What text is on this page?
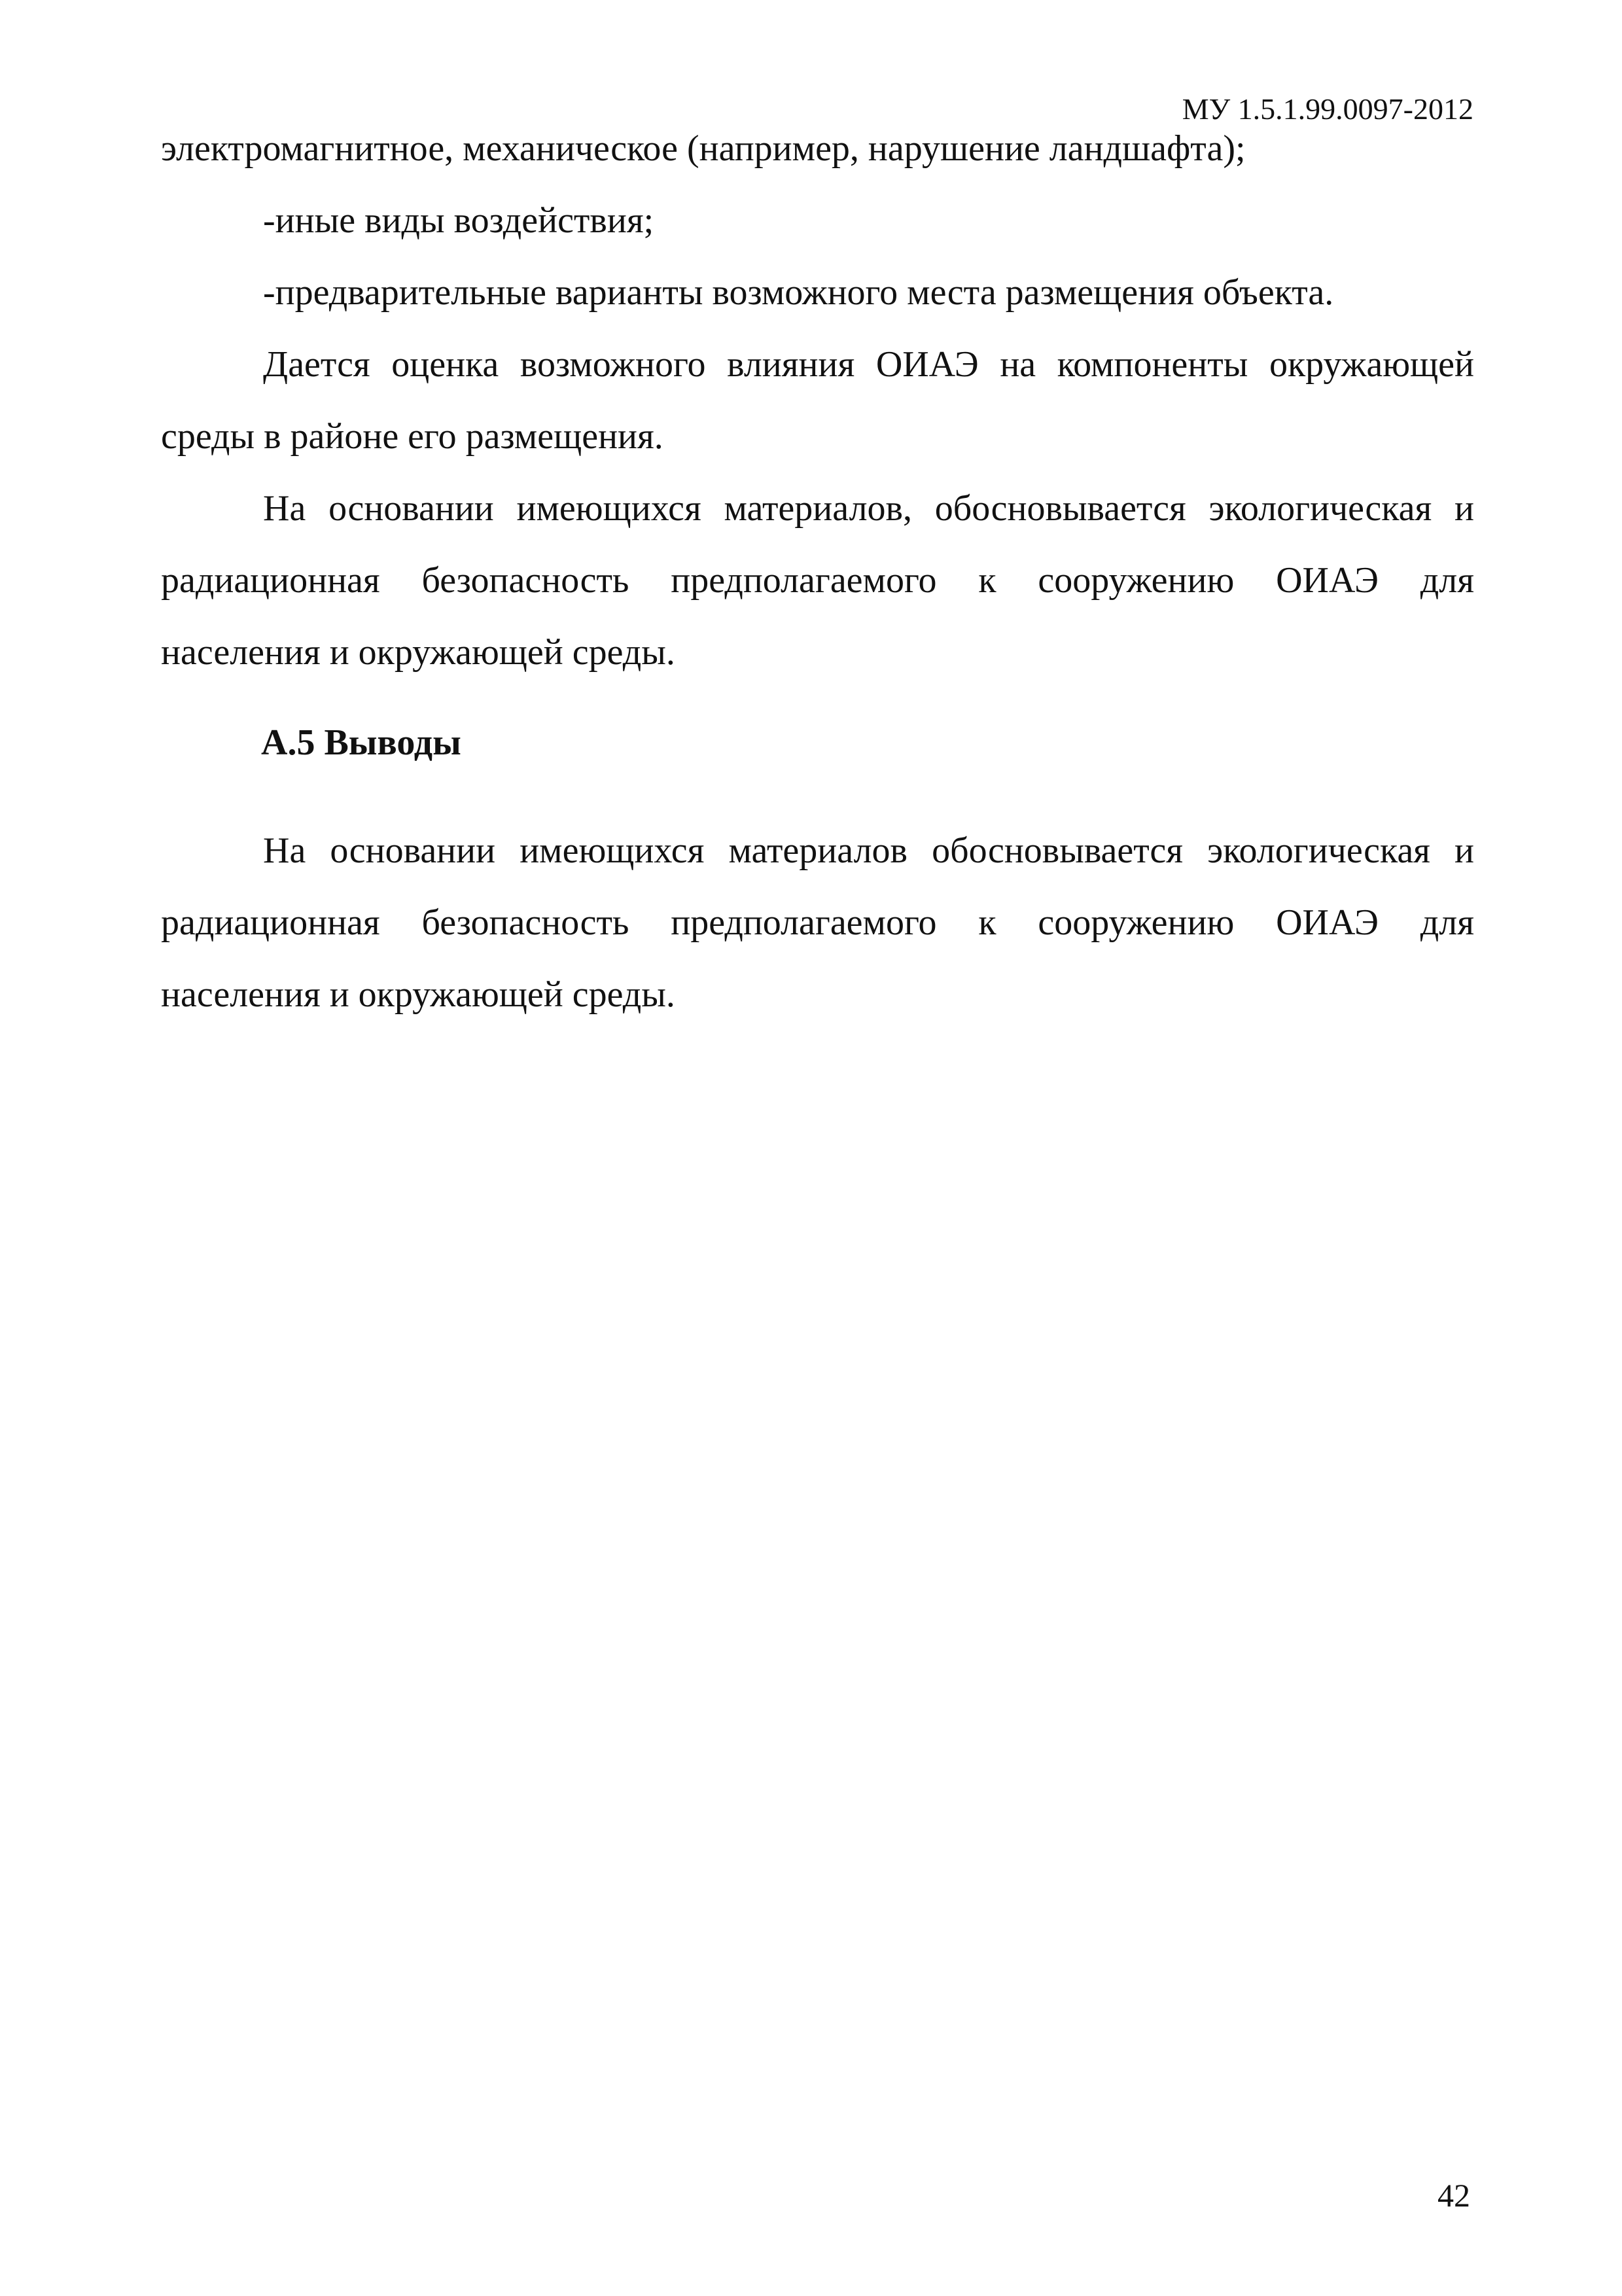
МУ 1.5.1.99.0097-2012
электромагнитное, механическое (например, нарушение ландшафта);
-иные виды воздействия;
-предварительные варианты возможного места размещения объекта.
Дается оценка возможного влияния ОИАЭ на компоненты окружающей
среды в районе его размещения.
На основании имеющихся материалов, обосновывается экологическая и
радиационная безопасность предполагаемого к сооружению ОИАЭ для
населения и окружающей среды.
А.5 Выводы
На основании имеющихся материалов обосновывается экологическая и
радиационная безопасность предполагаемого к сооружению ОИАЭ для
населения и окружающей среды.
42
